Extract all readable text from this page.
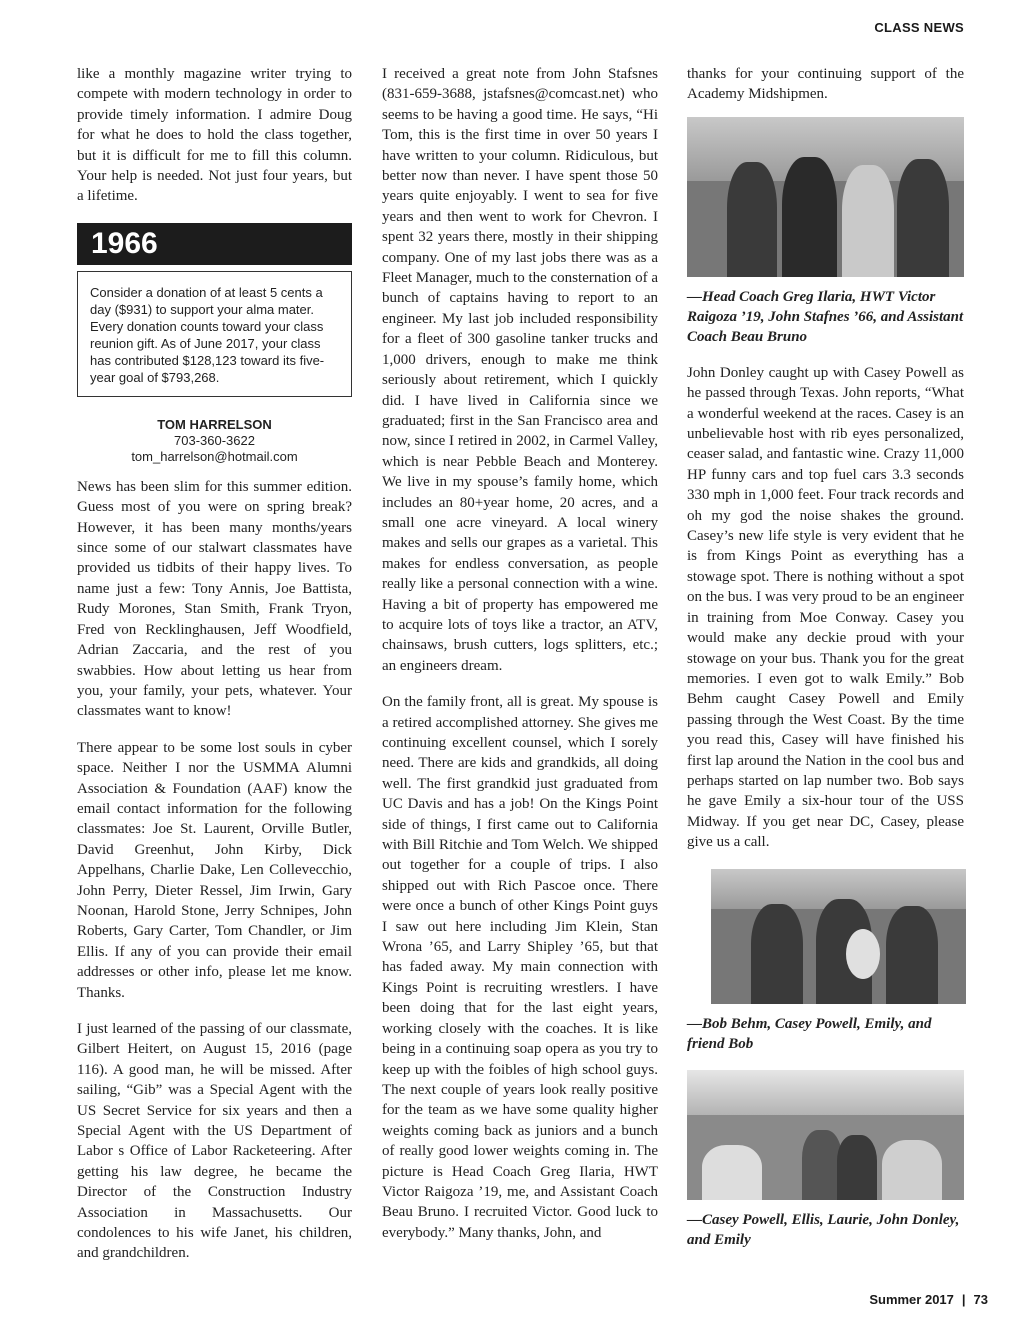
CLASS NEWS

like a monthly magazine writer trying to compete with modern technology in order to provide timely information. I admire Doug for what he does to hold the class together, but it is difficult for me to fill this column. Your help is needed. Not just four years, but a lifetime.

1966
Consider a donation of at least 5 cents a day ($931) to support your alma mater. Every donation counts toward your class reunion gift. As of June 2017, your class has contributed $128,123 toward its five-year goal of $793,268.
TOM HARRELSON
703-360-3622
tom_harrelson@hotmail.com

News has been slim for this summer edition. Guess most of you were on spring break? However, it has been many months/years since some of our stalwart classmates have provided us tidbits of their happy lives. To name just a few: Tony Annis, Joe Battista, Rudy Morones, Stan Smith, Frank Tryon, Fred von Recklinghausen, Jeff Woodfield, Adrian Zaccaria, and the rest of you swabbies. How about letting us hear from you, your family, your pets, whatever. Your classmates want to know!

There appear to be some lost souls in cyber space. Neither I nor the USMMA Alumni Association & Foundation (AAF) know the email contact information for the following classmates: Joe St. Laurent, Orville Butler, David Greenhut, John Kirby, Dick Appelhans, Charlie Dake, Len Collevecchio, John Perry, Dieter Ressel, Jim Irwin, Gary Noonan, Harold Stone, Jerry Schnipes, John Roberts, Gary Carter, Tom Chandler, or Jim Ellis. If any of you can provide their email addresses or other info, please let me know. Thanks.

I just learned of the passing of our classmate, Gilbert Heitert, on August 15, 2016 (page 116). A good man, he will be missed. After sailing, “Gib” was a Special Agent with the US Secret Service for six years and then a Special Agent with the US Department of Labor s Office of Labor Racketeering. After getting his law degree, he became the Director of the Construction Industry Association in Massachusetts. Our condolences to his wife Janet, his children, and grandchildren.

I received a great note from John Stafsnes (831-659-3688, jstafsnes@comcast.net) who seems to be having a good time. He says, “Hi Tom, this is the first time in over 50 years I have written to your column. Ridiculous, but better now than never. I have spent those 50 years quite enjoyably. I went to sea for five years and then went to work for Chevron. I spent 32 years there, mostly in their shipping company. One of my last jobs there was as a Fleet Manager, much to the consternation of a bunch of captains having to report to an engineer. My last job included responsibility for a fleet of 300 gasoline tanker trucks and 1,000 drivers, enough to make me think seriously about retirement, which I quickly did. I have lived in California since we graduated; first in the San Francisco area and now, since I retired in 2002, in Carmel Valley, which is near Pebble Beach and Monterey. We live in my spouse’s family home, which includes an 80+year home, 20 acres, and a small one acre vineyard. A local winery makes and sells our grapes as a varietal. This makes for endless conversation, as people really like a personal connection with a wine. Having a bit of property has empowered me to acquire lots of toys like a tractor, an ATV, chainsaws, brush cutters, logs splitters, etc.; an engineers dream.

On the family front, all is great. My spouse is a retired accomplished attorney. She gives me continuing excellent counsel, which I sorely need. There are kids and grandkids, all doing well. The first grandkid just graduated from UC Davis and has a job! On the Kings Point side of things, I first came out to California with Bill Ritchie and Tom Welch. We shipped out together for a couple of trips. I also shipped out with Rich Pascoe once. There were once a bunch of other Kings Point guys I saw out here including Jim Klein, Stan Wrona ’65, and Larry Shipley ’65, but that has faded away. My main connection with Kings Point is recruiting wrestlers. I have been doing that for the last eight years, working closely with the coaches. It is like being in a continuing soap opera as you try to keep up with the foibles of high school guys. The next couple of years look really positive for the team as we have some quality higher weights coming back as juniors and a bunch of really good lower weights coming in. The picture is Head Coach Greg Ilaria, HWT Victor Raigoza ’19, me, and Assistant Coach Beau Bruno. I recruited Victor. Good luck to everybody.” Many thanks, John, and

thanks for your continuing support of the Academy Midshipmen.

—Head Coach Greg Ilaria, HWT Victor Raigoza ’19, John Stafnes ’66, and Assistant Coach Beau Bruno

John Donley caught up with Casey Powell as he passed through Texas. John reports, “What a wonderful weekend at the races. Casey is an unbelievable host with rib eyes personalized, ceaser salad, and fantastic wine. Crazy 11,000 HP funny cars and top fuel cars 3.3 seconds 330 mph in 1,000 feet. Four track records and oh my god the noise shakes the ground. Casey’s new life style is very evident that he is from Kings Point as everything has a stowage spot. There is nothing without a spot on the bus. I was very proud to be an engineer in training from Moe Conway. Casey you would make any deckie proud with your stowage on your bus. Thank you for the great memories. I even got to walk Emily.” Bob Behm caught Casey Powell and Emily passing through the West Coast. By the time you read this, Casey will have finished his first lap around the Nation in the cool bus and perhaps started on lap number two. Bob says he gave Emily a six-hour tour of the USS Midway. If you get near DC, Casey, please give us a call.

—Bob Behm, Casey Powell, Emily, and friend Bob
—Casey Powell, Ellis, Laurie, John Donley, and Emily
Summer 2017 | 73
